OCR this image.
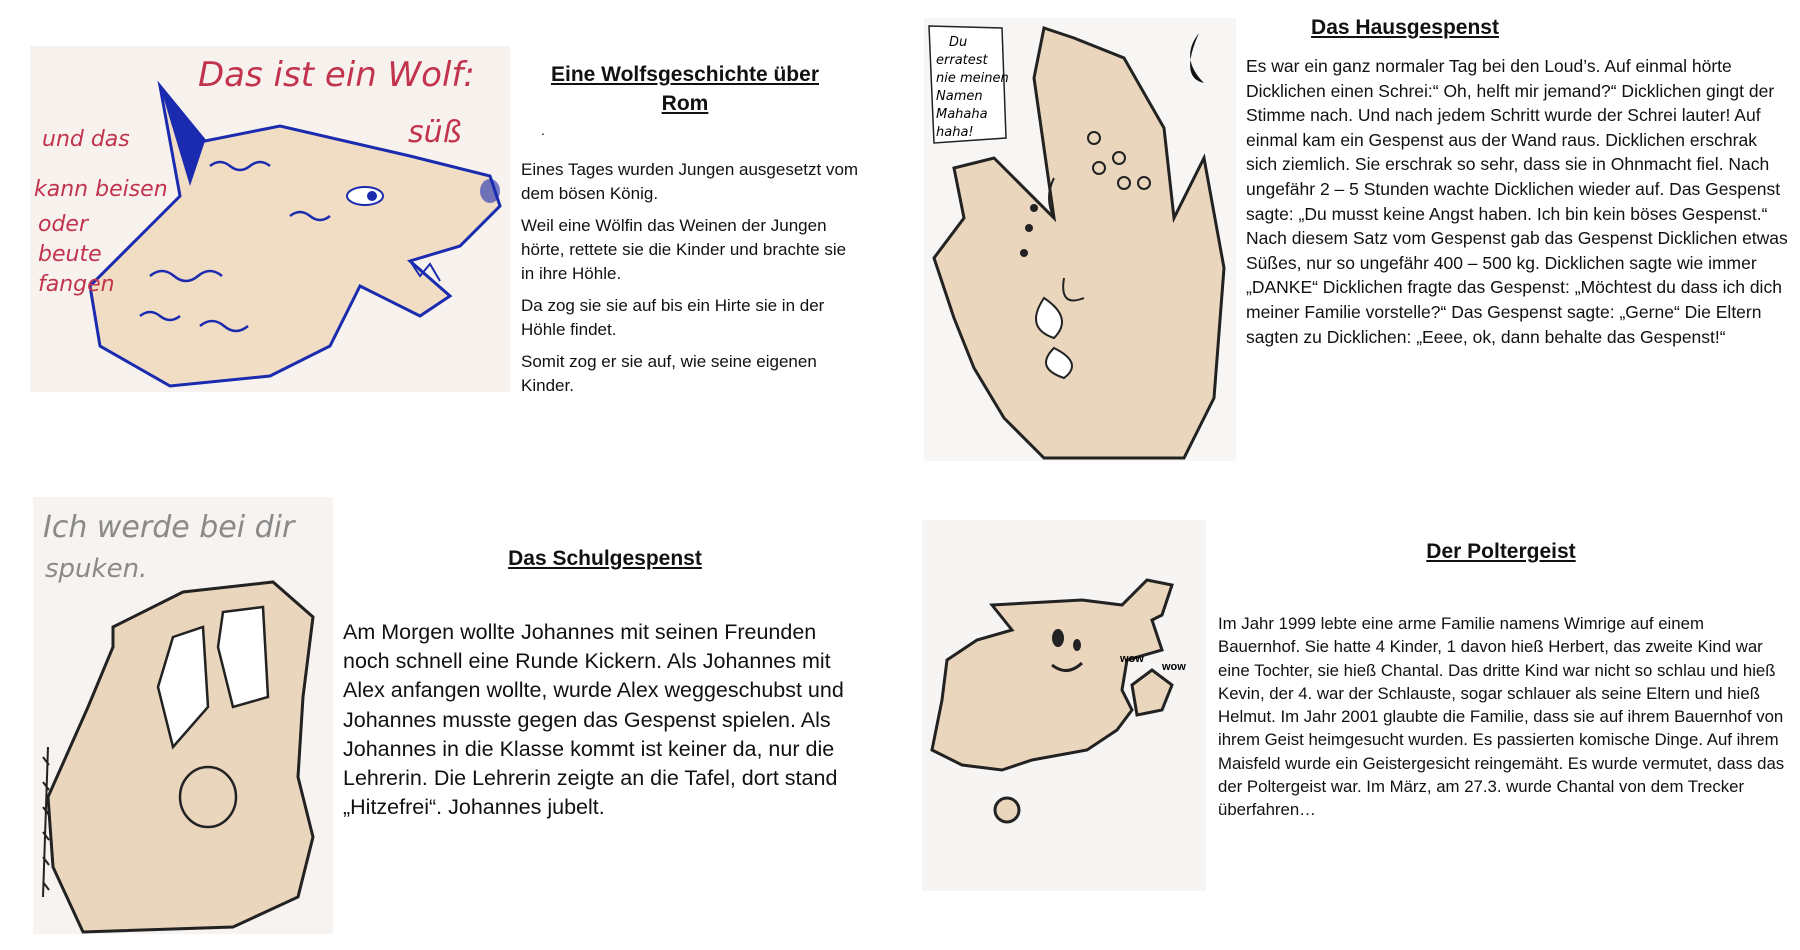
Das ist ein Wolf:
süß
und das
kann beisen
oder
beute
fangen
Eine Wolfsgeschichte über
Rom
.

Eines Tages wurden Jungen ausgesetzt vom dem bösen König.

Weil eine Wölfin das Weinen der Jungen hörte, rettete sie die Kinder und brachte sie in ihre Höhle.

Da zog sie sie auf bis ein Hirte sie in der Höhle findet.

Somit zog er sie auf, wie seine eigenen Kinder.

Du
erratest
nie meinen
Namen
Mahaha
haha!
Das Hausgespenst
Es war ein ganz normaler Tag bei den Loud’s. Auf einmal hörte Dicklichen einen Schrei:“ Oh, helft mir jemand?“ Dicklichen gingt der Stimme nach. Und nach jedem Schritt wurde der Schrei lauter! Auf einmal kam ein Gespenst aus der Wand raus. Dicklichen erschrak sich ziemlich. Sie erschrak so sehr, dass sie in Ohnmacht fiel. Nach ungefähr 2 – 5 Stunden wachte Dicklichen wieder auf. Das Gespenst sagte: „Du musst keine Angst haben. Ich bin kein böses Gespenst.“ Nach diesem Satz vom Gespenst gab das Gespenst Dicklichen etwas Süßes, nur so ungefähr 400 – 500 kg. Dicklichen sagte wie immer „DANKE“ Dicklichen fragte das Gespenst: „Möchtest du dass ich dich meiner Familie vorstelle?“ Das Gespenst sagte: „Gerne“ Die Eltern sagten zu Dicklichen: „Eeee, ok, dann behalte das Gespenst!“
Ich werde bei dir
spuken.	Das Schulgespenst
Am Morgen wollte Johannes mit seinen Freunden noch schnell eine Runde Kickern. Als Johannes mit Alex anfangen wollte, wurde Alex weggeschubst und Johannes musste gegen das Gespenst spielen. Als Johannes in die Klasse kommt ist keiner da, nur die Lehrerin. Die Lehrerin zeigte an die Tafel, dort stand „Hitzefrei“. Johannes jubelt.
wow
wow
Der Poltergeist
Im Jahr 1999 lebte eine arme Familie namens Wimrige auf einem Bauernhof. Sie hatte 4 Kinder, 1 davon hieß Herbert, das zweite Kind war eine Tochter, sie hieß Chantal. Das dritte Kind war nicht so schlau und hieß Kevin, der 4. war der Schlauste, sogar schlauer als seine Eltern und hieß Helmut. Im Jahr 2001 glaubte die Familie, dass sie auf ihrem Bauernhof von ihrem Geist heimgesucht wurden. Es passierten komische Dinge. Auf ihrem Maisfeld wurde ein Geistergesicht reingemäht. Es wurde vermutet, dass das der Poltergeist war. Im März, am 27.3. wurde Chantal von dem Trecker überfahren…
